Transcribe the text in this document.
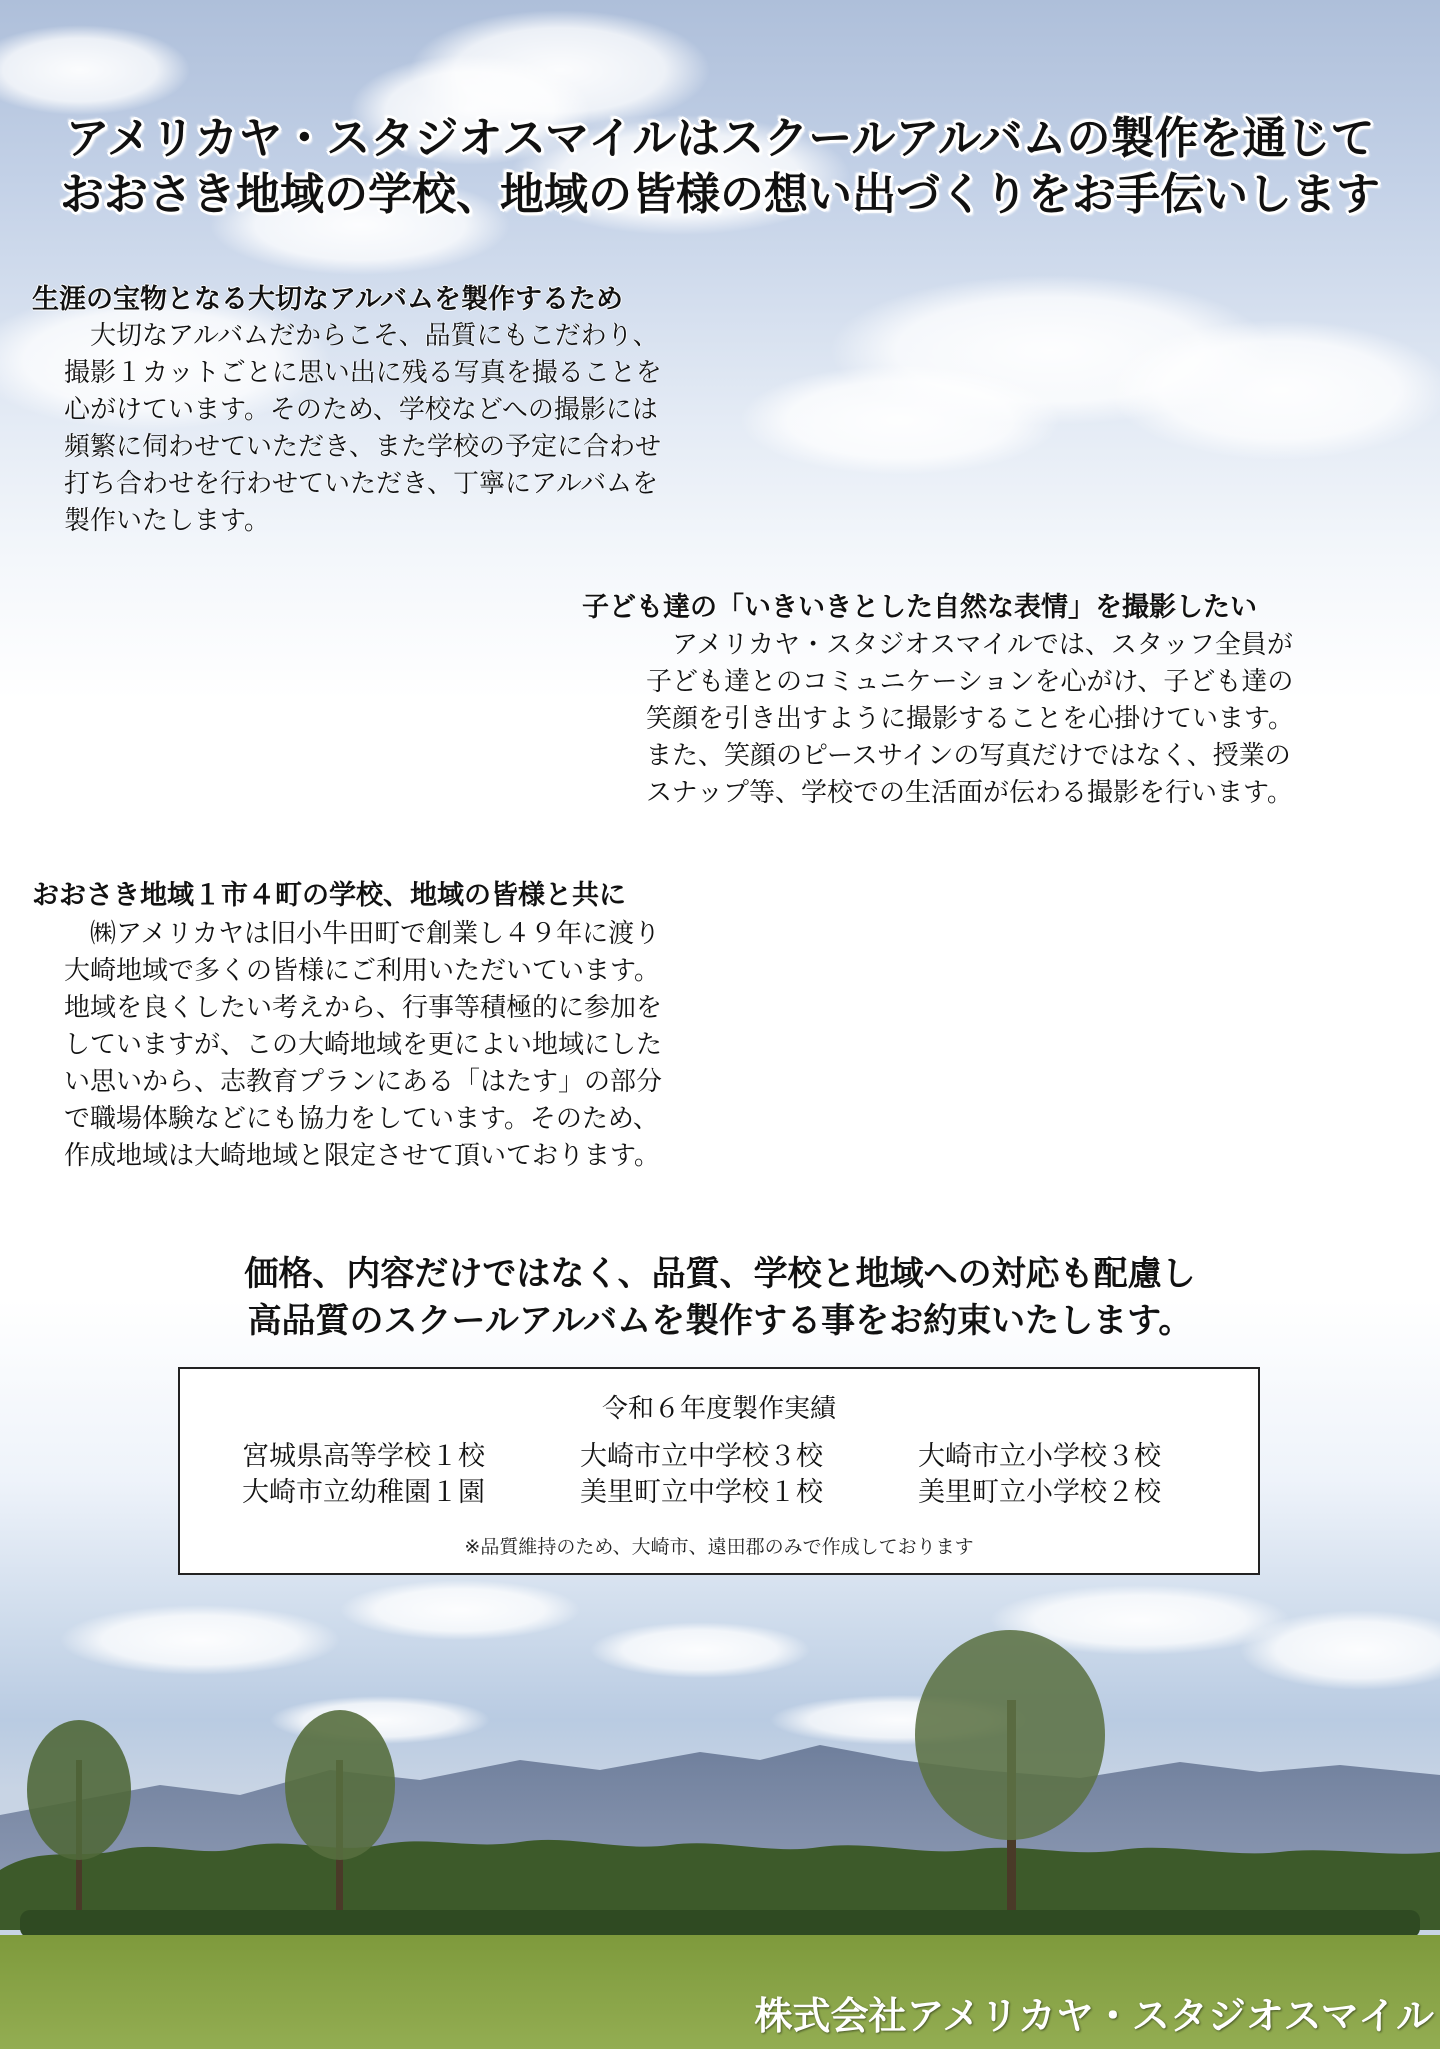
アメリカヤ・スタジオスマイルはスクールアルバムの製作を通じて
おおさき地域の学校、地域の皆様の想い出づくりをお手伝いします
生涯の宝物となる大切なアルバムを製作するため
　大切なアルバムだからこそ、品質にもこだわり、
撮影１カットごとに思い出に残る写真を撮ることを
心がけています。そのため、学校などへの撮影には
頻繁に伺わせていただき、また学校の予定に合わせ
打ち合わせを行わせていただき、丁寧にアルバムを
製作いたします。
子ども達の「いきいきとした自然な表情」を撮影したい
　アメリカヤ・スタジオスマイルでは、スタッフ全員が
子ども達とのコミュニケーションを心がけ、子ども達の
笑顔を引き出すように撮影することを心掛けています。
また、笑顔のピースサインの写真だけではなく、授業の
スナップ等、学校での生活面が伝わる撮影を行います。
おおさき地域１市４町の学校、地域の皆様と共に
　㈱アメリカヤは旧小牛田町で創業し４９年に渡り
大崎地域で多くの皆様にご利用いただいています。
地域を良くしたい考えから、行事等積極的に参加を
していますが、この大崎地域を更によい地域にした
い思いから、志教育プランにある「はたす」の部分
で職場体験などにも協力をしています。そのため、
作成地域は大崎地域と限定させて頂いております。
価格、内容だけではなく、品質、学校と地域への対応も配慮し
高品質のスクールアルバムを製作する事をお約束いたします。
令和６年度製作実績
宮城県高等学校１校	大崎市立中学校３校	大崎市立小学校３校
大崎市立幼稚園１園	美里町立中学校１校	美里町立小学校２校
※品質維持のため、大崎市、遠田郡のみで作成しております
株式会社アメリカヤ・スタジオスマイル
